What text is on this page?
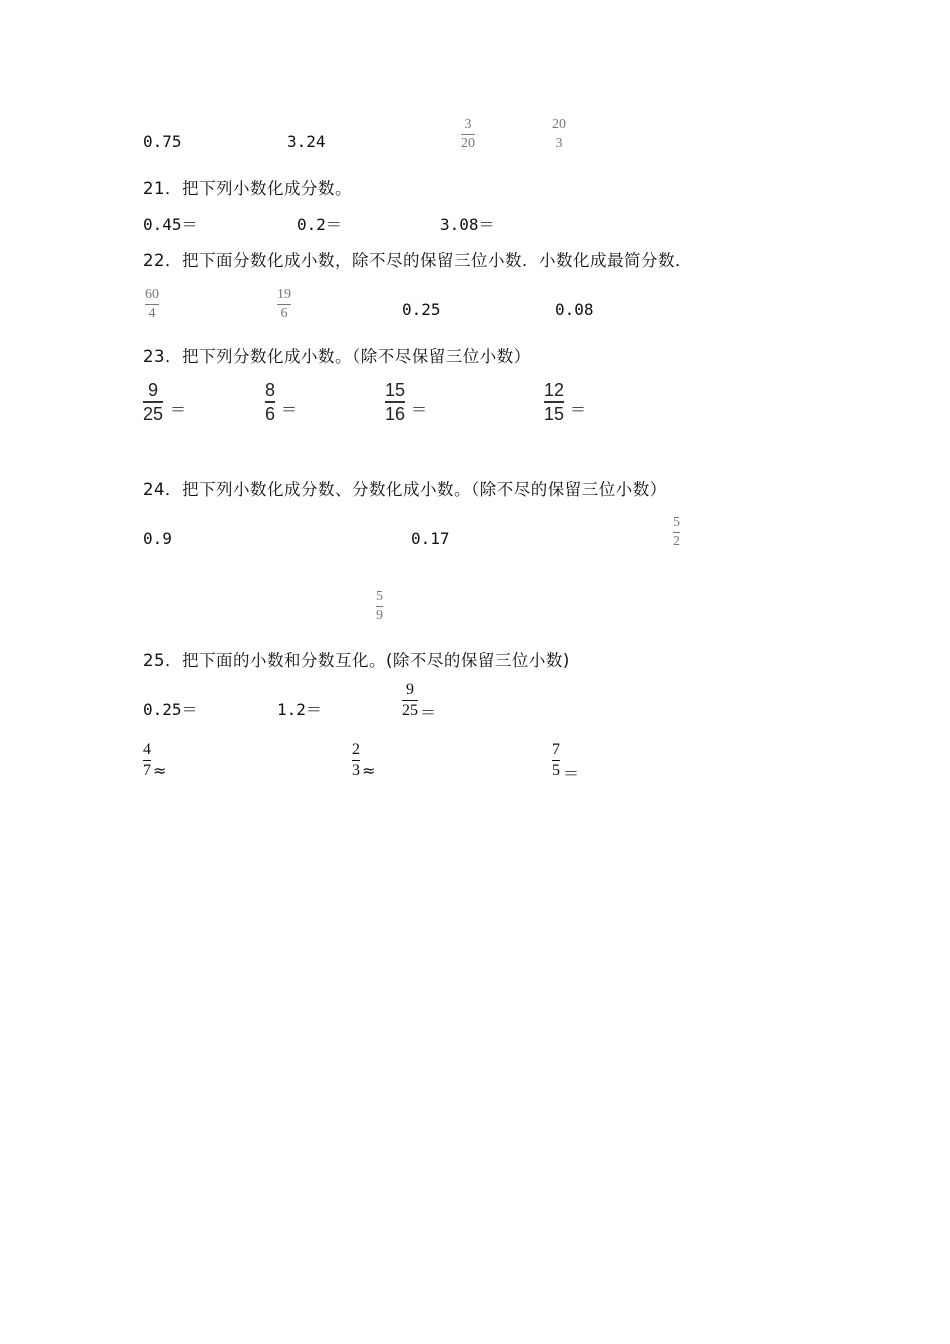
0.75	3.24
3
20
20
3
21．把下列小数化成分数。
0.45＝	0.2＝	3.08＝
22．把下面分数化成小数，除不尽的保留三位小数．小数化成最简分数．
60
4
19
6	0.25	0.08
23．把下列分数化成小数。（除不尽保留三位小数）
9
25 ＝
8
6 ＝
15
16 ＝
12
15 ＝
24．把下列小数化成分数、分数化成小数。（除不尽的保留三位小数）
0.9	0.17
5
2
5
9
25．把下面的小数和分数互化。(除不尽的保留三位小数)
0.25＝	1.2＝
9
25 ＝
4
7 ≈
2
3 ≈
7
5 ＝
